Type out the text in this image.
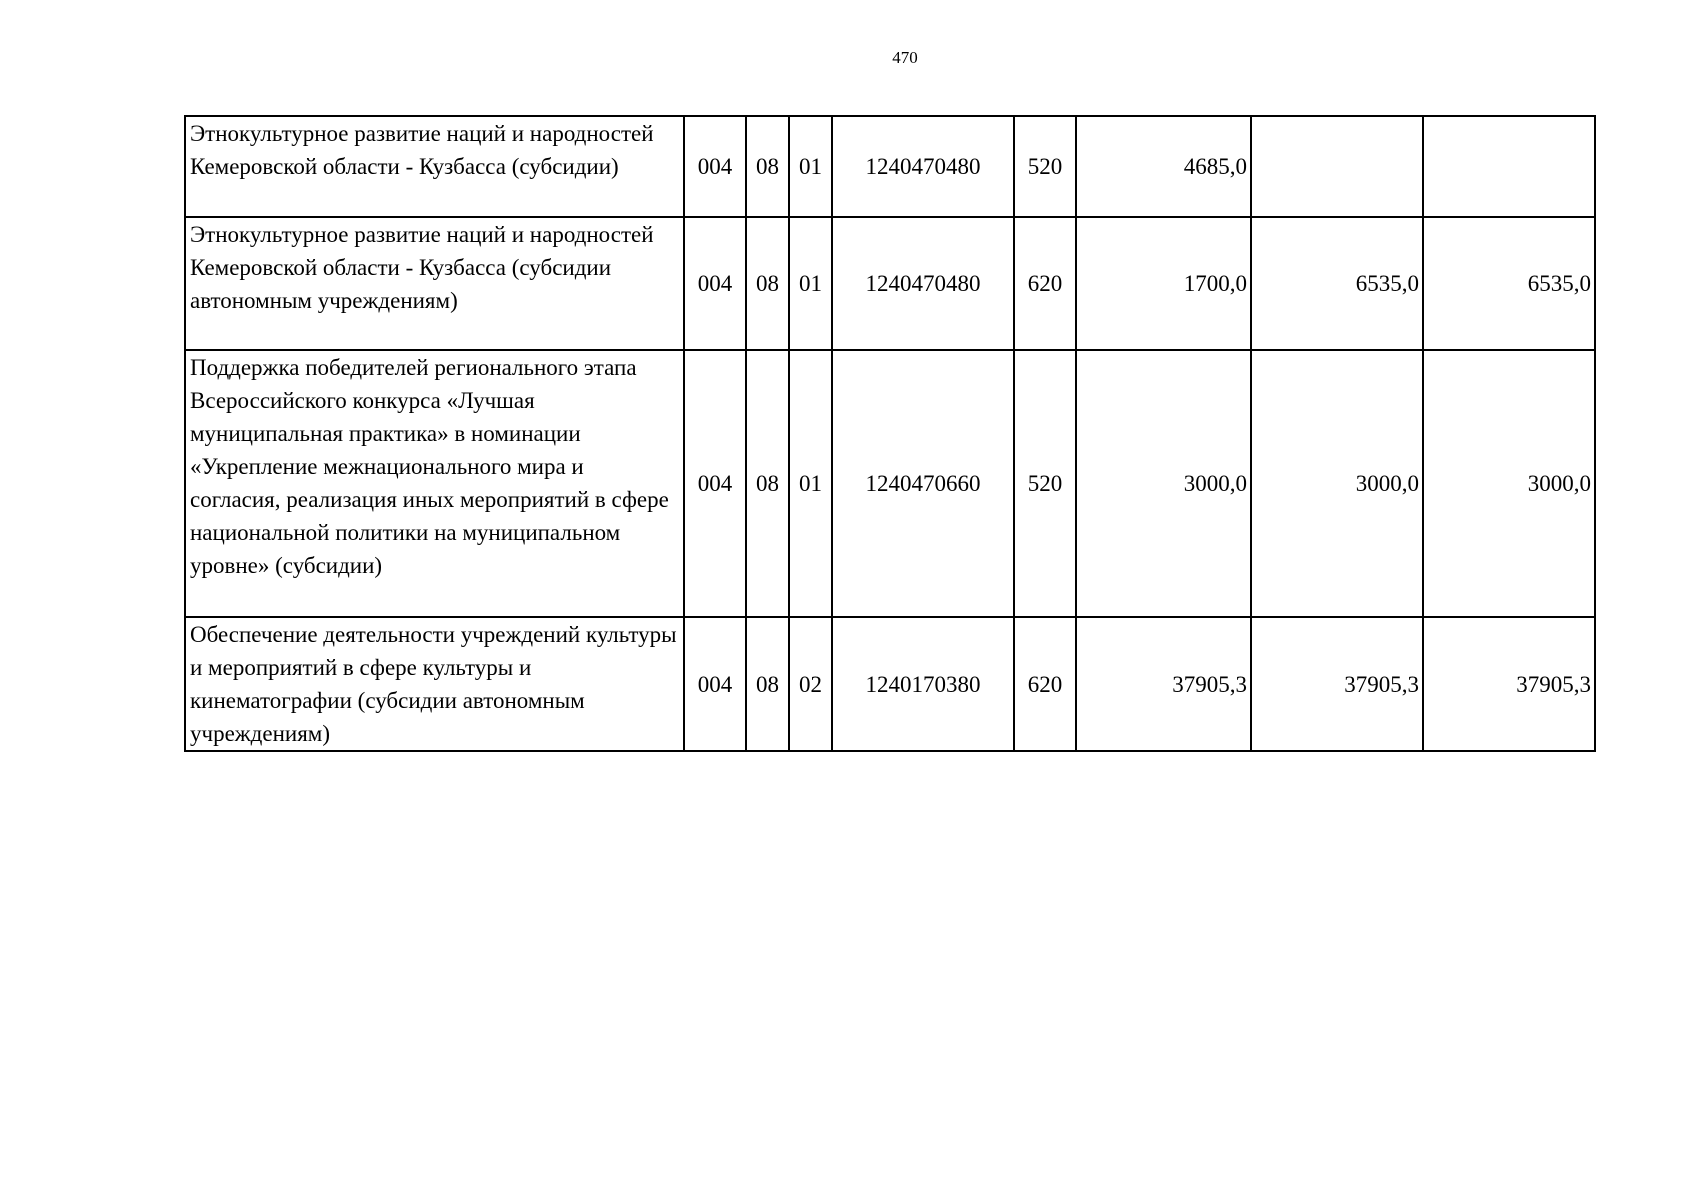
470
Этнокультурное развитие наций и народностей Кемеровской области - Кузбасса (субсидии)	004	08	01	1240470480	520	4685,0		
Этнокультурное развитие наций и народностей Кемеровской области - Кузбасса (субсидии автономным учреждениям)	004	08	01	1240470480	620	1700,0	6535,0	6535,0
Поддержка победителей регионального этапа Всероссийского конкурса «Лучшая муниципальная практика» в номинации «Укрепление межнационального мира и согласия, реализация иных мероприятий в сфере национальной политики на муниципальном уровне» (субсидии)	004	08	01	1240470660	520	3000,0	3000,0	3000,0
Обеспечение деятельности учреждений культуры и мероприятий в сфере культуры и кинематографии (субсидии автономным учреждениям)	004	08	02	1240170380	620	37905,3	37905,3	37905,3
